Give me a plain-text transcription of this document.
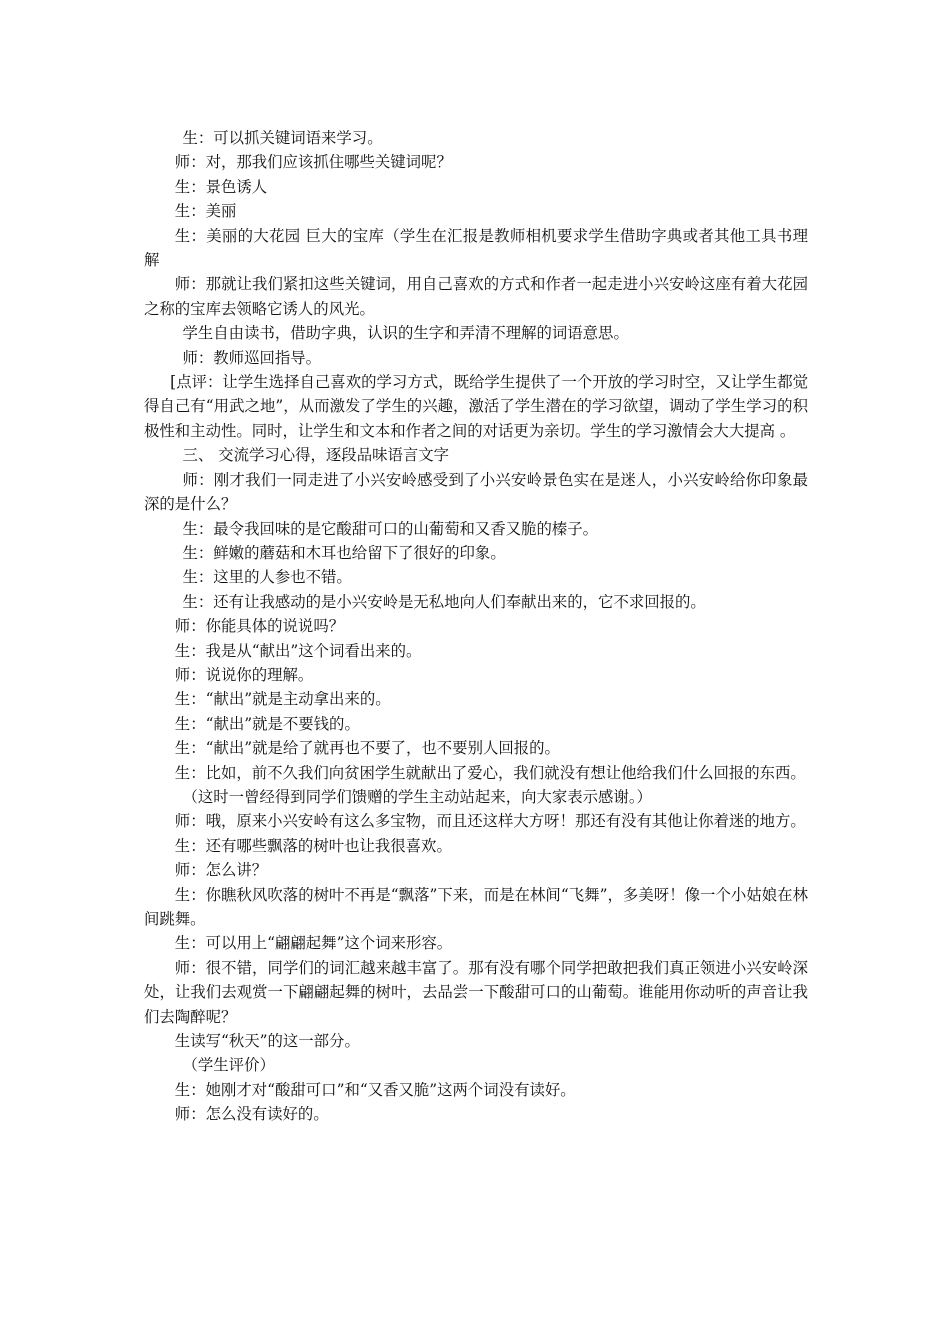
生：可以抓关键词语来学习。

师：对，那我们应该抓住哪些关键词呢？

生：景色诱人

生：美丽

生：美丽的大花园 巨大的宝库（学生在汇报是教师相机要求学生借助字典或者其他工具书理解

师：那就让我们紧扣这些关键词，用自己喜欢的方式和作者一起走进小兴安岭这座有着大花园之称的宝库去领略它诱人的风光。

学生自由读书，借助字典，认识的生字和弄清不理解的词语意思。

师：教师巡回指导。

[点评：让学生选择自己喜欢的学习方式，既给学生提供了一个开放的学习时空，又让学生都觉得自己有“用武之地”，从而激发了学生的兴趣，激活了学生潜在的学习欲望，调动了学生学习的积极性和主动性。同时，让学生和文本和作者之间的对话更为亲切。学生的学习激情会大大提高 。

三、 交流学习心得，逐段品味语言文字

师：刚才我们一同走进了小兴安岭感受到了小兴安岭景色实在是迷人，小兴安岭给你印象最深的是什么？

生：最令我回味的是它酸甜可口的山葡萄和又香又脆的榛子。

生：鲜嫩的蘑菇和木耳也给留下了很好的印象。

生：这里的人参也不错。

生：还有让我感动的是小兴安岭是无私地向人们奉献出来的，它不求回报的。

师：你能具体的说说吗？

生：我是从“献出”这个词看出来的。

师：说说你的理解。

生：“献出”就是主动拿出来的。

生：“献出”就是不要钱的。

生：“献出”就是给了就再也不要了，也不要别人回报的。

生：比如，前不久我们向贫困学生就献出了爱心，我们就没有想让他给我们什么回报的东西。

（这时一曾经得到同学们馈赠的学生主动站起来，向大家表示感谢。）

师：哦，原来小兴安岭有这么多宝物，而且还这样大方呀！那还有没有其他让你着迷的地方。

生：还有哪些飘落的树叶也让我很喜欢。

师：怎么讲？

生：你瞧秋风吹落的树叶不再是“飘落”下来，而是在林间“飞舞”，多美呀！像一个小姑娘在林间跳舞。

生：可以用上“翩翩起舞”这个词来形容。

师：很不错，同学们的词汇越来越丰富了。那有没有哪个同学把敢把我们真正领进小兴安岭深处，让我们去观赏一下翩翩起舞的树叶，去品尝一下酸甜可口的山葡萄。谁能用你动听的声音让我们去陶醉呢？

生读写“秋天”的这一部分。

（学生评价）

生：她刚才对“酸甜可口”和“又香又脆”这两个词没有读好。

师：怎么没有读好的。
